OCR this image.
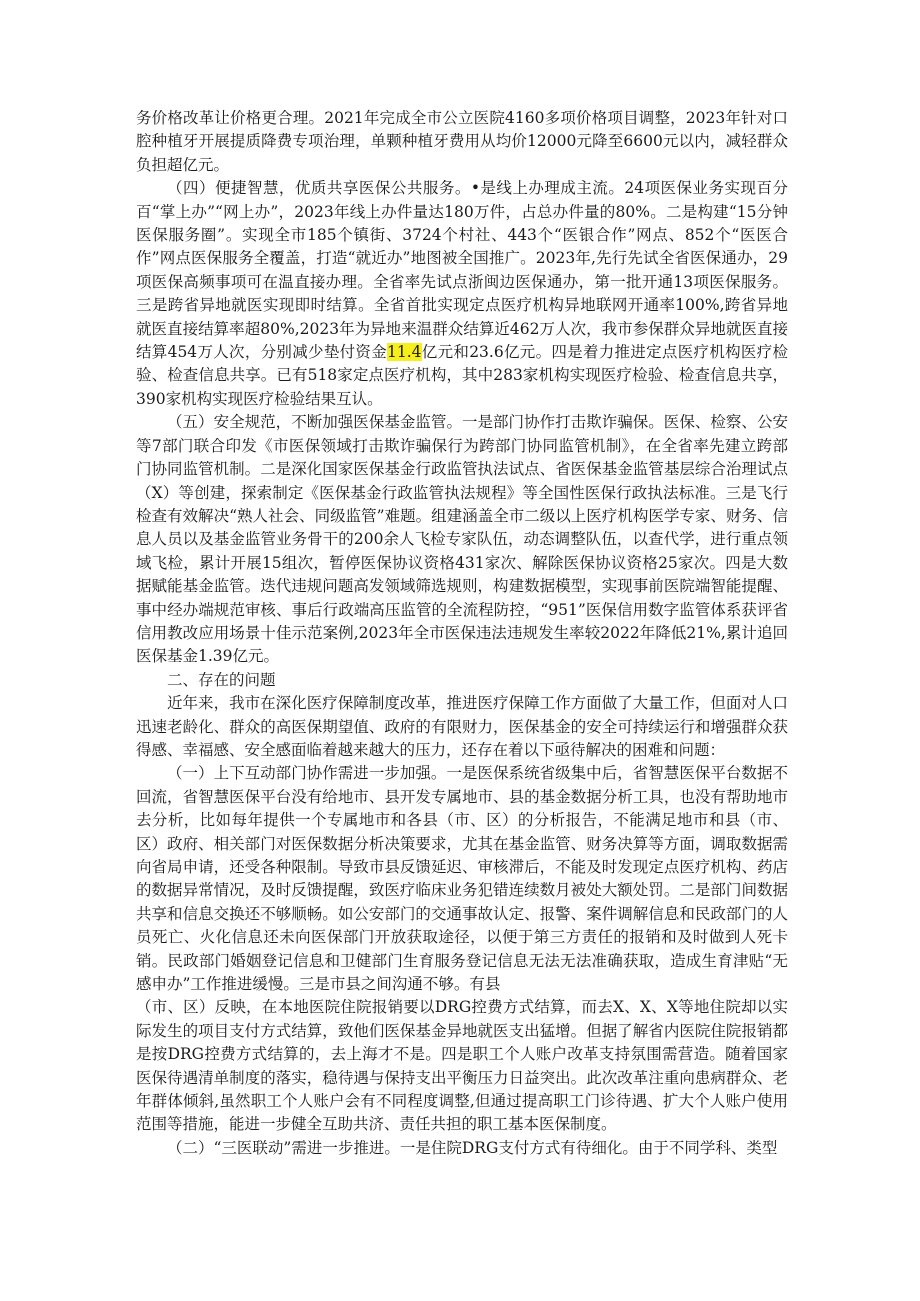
务价格改革让价格更合理。2021年完成全市公立医院4160多项价格项目调整，2023年针对口腔种植牙开展提质降费专项治理，单颗种植牙费用从均价12000元降至6600元以内，减轻群众负担超亿元。

（四）便捷智慧，优质共享医保公共服务。•是线上办理成主流。24项医保业务实现百分百“掌上办”“网上办”，2023年线上办件量达180万件，占总办件量的80%。二是构建“15分钟医保服务圈”。实现全市185个镇街、3724个村社、443个“医银合作”网点、852个“医医合作”网点医保服务全覆盖，打造“就近办”地图被全国推广。2023年,先行先试全省医保通办，29项医保高频事项可在温直接办理。全省率先试点浙闽边医保通办，第一批开通13项医保服务。三是跨省异地就医实现即时结算。全省首批实现定点医疗机构异地联网开通率100%,跨省异地就医直接结算率超80%,2023年为异地来温群众结算近462万人次，我市参保群众异地就医直接结算454万人次，分别减少垫付资金11.4亿元和23.6亿元。四是着力推进定点医疗机构医疗检验、检查信息共享。已有518家定点医疗机构，其中283家机构实现医疗检验、检查信息共享，390家机构实现医疗检验结果互认。

（五）安全规范，不断加强医保基金监管。一是部门协作打击欺诈骗保。医保、检察、公安等7部门联合印发《市医保领域打击欺诈骗保行为跨部门协同监管机制》，在全省率先建立跨部门协同监管机制。二是深化国家医保基金行政监管执法试点、省医保基金监管基层综合治理试点（X）等创建，探索制定《医保基金行政监管执法规程》等全国性医保行政执法标准。三是飞行检查有效解决“熟人社会、同级监管”难题。组建涵盖全市二级以上医疗机构医学专家、财务、信息人员以及基金监管业务骨干的200余人飞检专家队伍，动态调整队伍，以查代学，进行重点领域飞检，累计开展15组次，暂停医保协议资格431家次、解除医保协议资格25家次。四是大数据赋能基金监管。迭代违规问题高发领域筛选规则，构建数据模型，实现事前医院端智能提醒、事中经办端规范审核、事后行政端高压监管的全流程防控，“951”医保信用数字监管体系获评省信用教改应用场景十佳示范案例,2023年全市医保违法违规发生率较2022年降低21%,累计追回医保基金1.39亿元。

二、存在的问题

近年来，我市在深化医疗保障制度改革，推进医疗保障工作方面做了大量工作，但面对人口迅速老龄化、群众的高医保期望值、政府的有限财力，医保基金的安全可持续运行和增强群众获得感、幸福感、安全感面临着越来越大的压力，还存在着以下亟待解决的困难和问题：

（一）上下互动部门协作需进一步加强。一是医保系统省级集中后，省智慧医保平台数据不回流，省智慧医保平台没有给地市、县开发专属地市、县的基金数据分析工具，也没有帮助地市去分析，比如每年提供一个专属地市和各县（市、区）的分析报告，不能满足地市和县（市、区）政府、相关部门对医保数据分析决策要求，尤其在基金监管、财务决算等方面，调取数据需向省局申请，还受各种限制。导致市县反馈延迟、审核滞后，不能及时发现定点医疗机构、药店的数据异常情况，及时反馈提醒，致医疗临床业务犯错连续数月被处大额处罚。二是部门间数据共享和信息交换还不够顺畅。如公安部门的交通事故认定、报警、案件调解信息和民政部门的人员死亡、火化信息还未向医保部门开放获取途径，以便于第三方责任的报销和及时做到人死卡销。民政部门婚姻登记信息和卫健部门生育服务登记信息无法无法准确获取，造成生育津贴“无感申办”工作推进缓慢。三是市县之间沟通不够。有县

（市、区）反映，在本地医院住院报销要以DRG控费方式结算，而去X、X、X等地住院却以实际发生的项目支付方式结算，致他们医保基金异地就医支出猛增。但据了解省内医院住院报销都是按DRG控费方式结算的，去上海才不是。四是职工个人账户改革支持氛围需营造。随着国家医保待遇清单制度的落实，稳待遇与保持支出平衡压力日益突出。此次改革注重向患病群众、老年群体倾斜,虽然职工个人账户会有不同程度调整,但通过提高职工门诊待遇、扩大个人账户使用范围等措施，能进一步健全互助共济、责任共担的职工基本医保制度。

（二）“三医联动”需进一步推进。一是住院DRG支付方式有待细化。由于不同学科、类型
